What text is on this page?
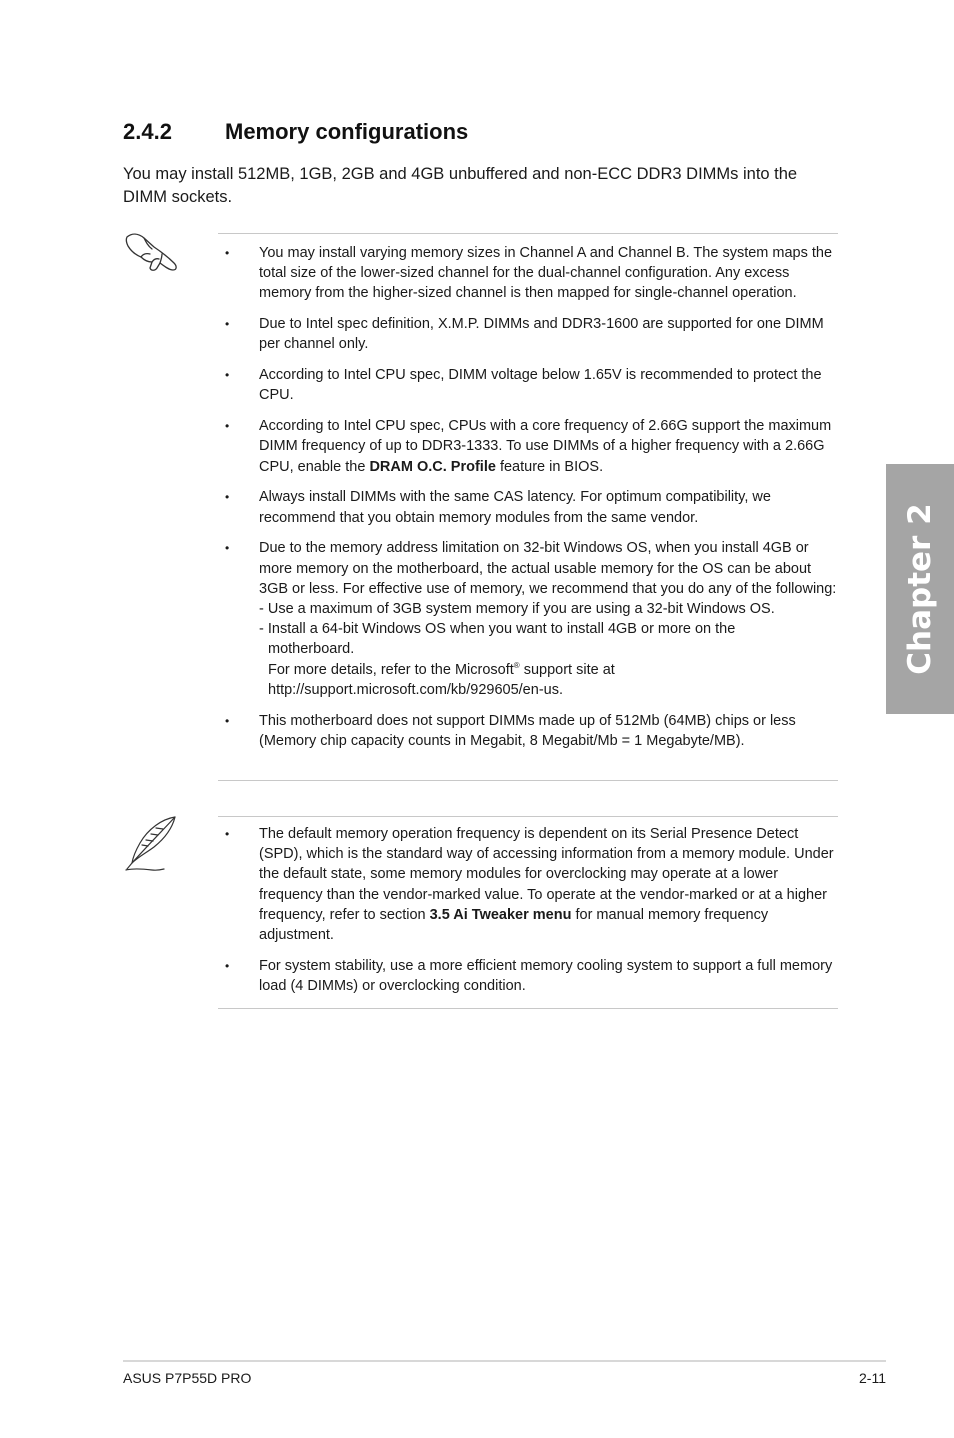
2.4.2 Memory configurations
You may install 512MB, 1GB, 2GB and 4GB unbuffered and non-ECC DDR3 DIMMs into the DIMM sockets.
• You may install varying memory sizes in Channel A and Channel B. The system maps the total size of the lower-sized channel for the dual-channel configuration. Any excess memory from the higher-sized channel is then mapped for single-channel operation.
• Due to Intel spec definition, X.M.P. DIMMs and DDR3-1600 are supported for one DIMM per channel only.
• According to Intel CPU spec, DIMM voltage below 1.65V is recommended to protect the CPU.
• According to Intel CPU spec, CPUs with a core frequency of 2.66G support the maximum DIMM frequency of up to DDR3-1333. To use DIMMs of a higher frequency with a 2.66G CPU, enable the DRAM O.C. Profile feature in BIOS.
• Always install DIMMs with the same CAS latency. For optimum compatibility, we recommend that you obtain memory modules from the same vendor.
• Due to the memory address limitation on 32-bit Windows OS, when you install 4GB or more memory on the motherboard, the actual usable memory for the OS can be about 3GB or less. For effective use of memory, we recommend that you do any of the following:
- Use a maximum of 3GB system memory if you are using a 32-bit Windows OS.
- Install a 64-bit Windows OS when you want to install 4GB or more on the
motherboard.
For more details, refer to the Microsoft® support site at
http://support.microsoft.com/kb/929605/en-us.
• This motherboard does not support DIMMs made up of 512Mb (64MB) chips or less (Memory chip capacity counts in Megabit, 8 Megabit/Mb = 1 Megabyte/MB).
• The default memory operation frequency is dependent on its Serial Presence Detect (SPD), which is the standard way of accessing information from a memory module. Under the default state, some memory modules for overclocking may operate at a lower frequency than the vendor-marked value. To operate at the vendor-marked or at a higher frequency, refer to section 3.5 Ai Tweaker menu for manual memory frequency adjustment.
• For system stability, use a more efficient memory cooling system to support a full memory load (4 DIMMs) or overclocking condition.
Chapter 2
ASUS P7P55D PRO	2-11
